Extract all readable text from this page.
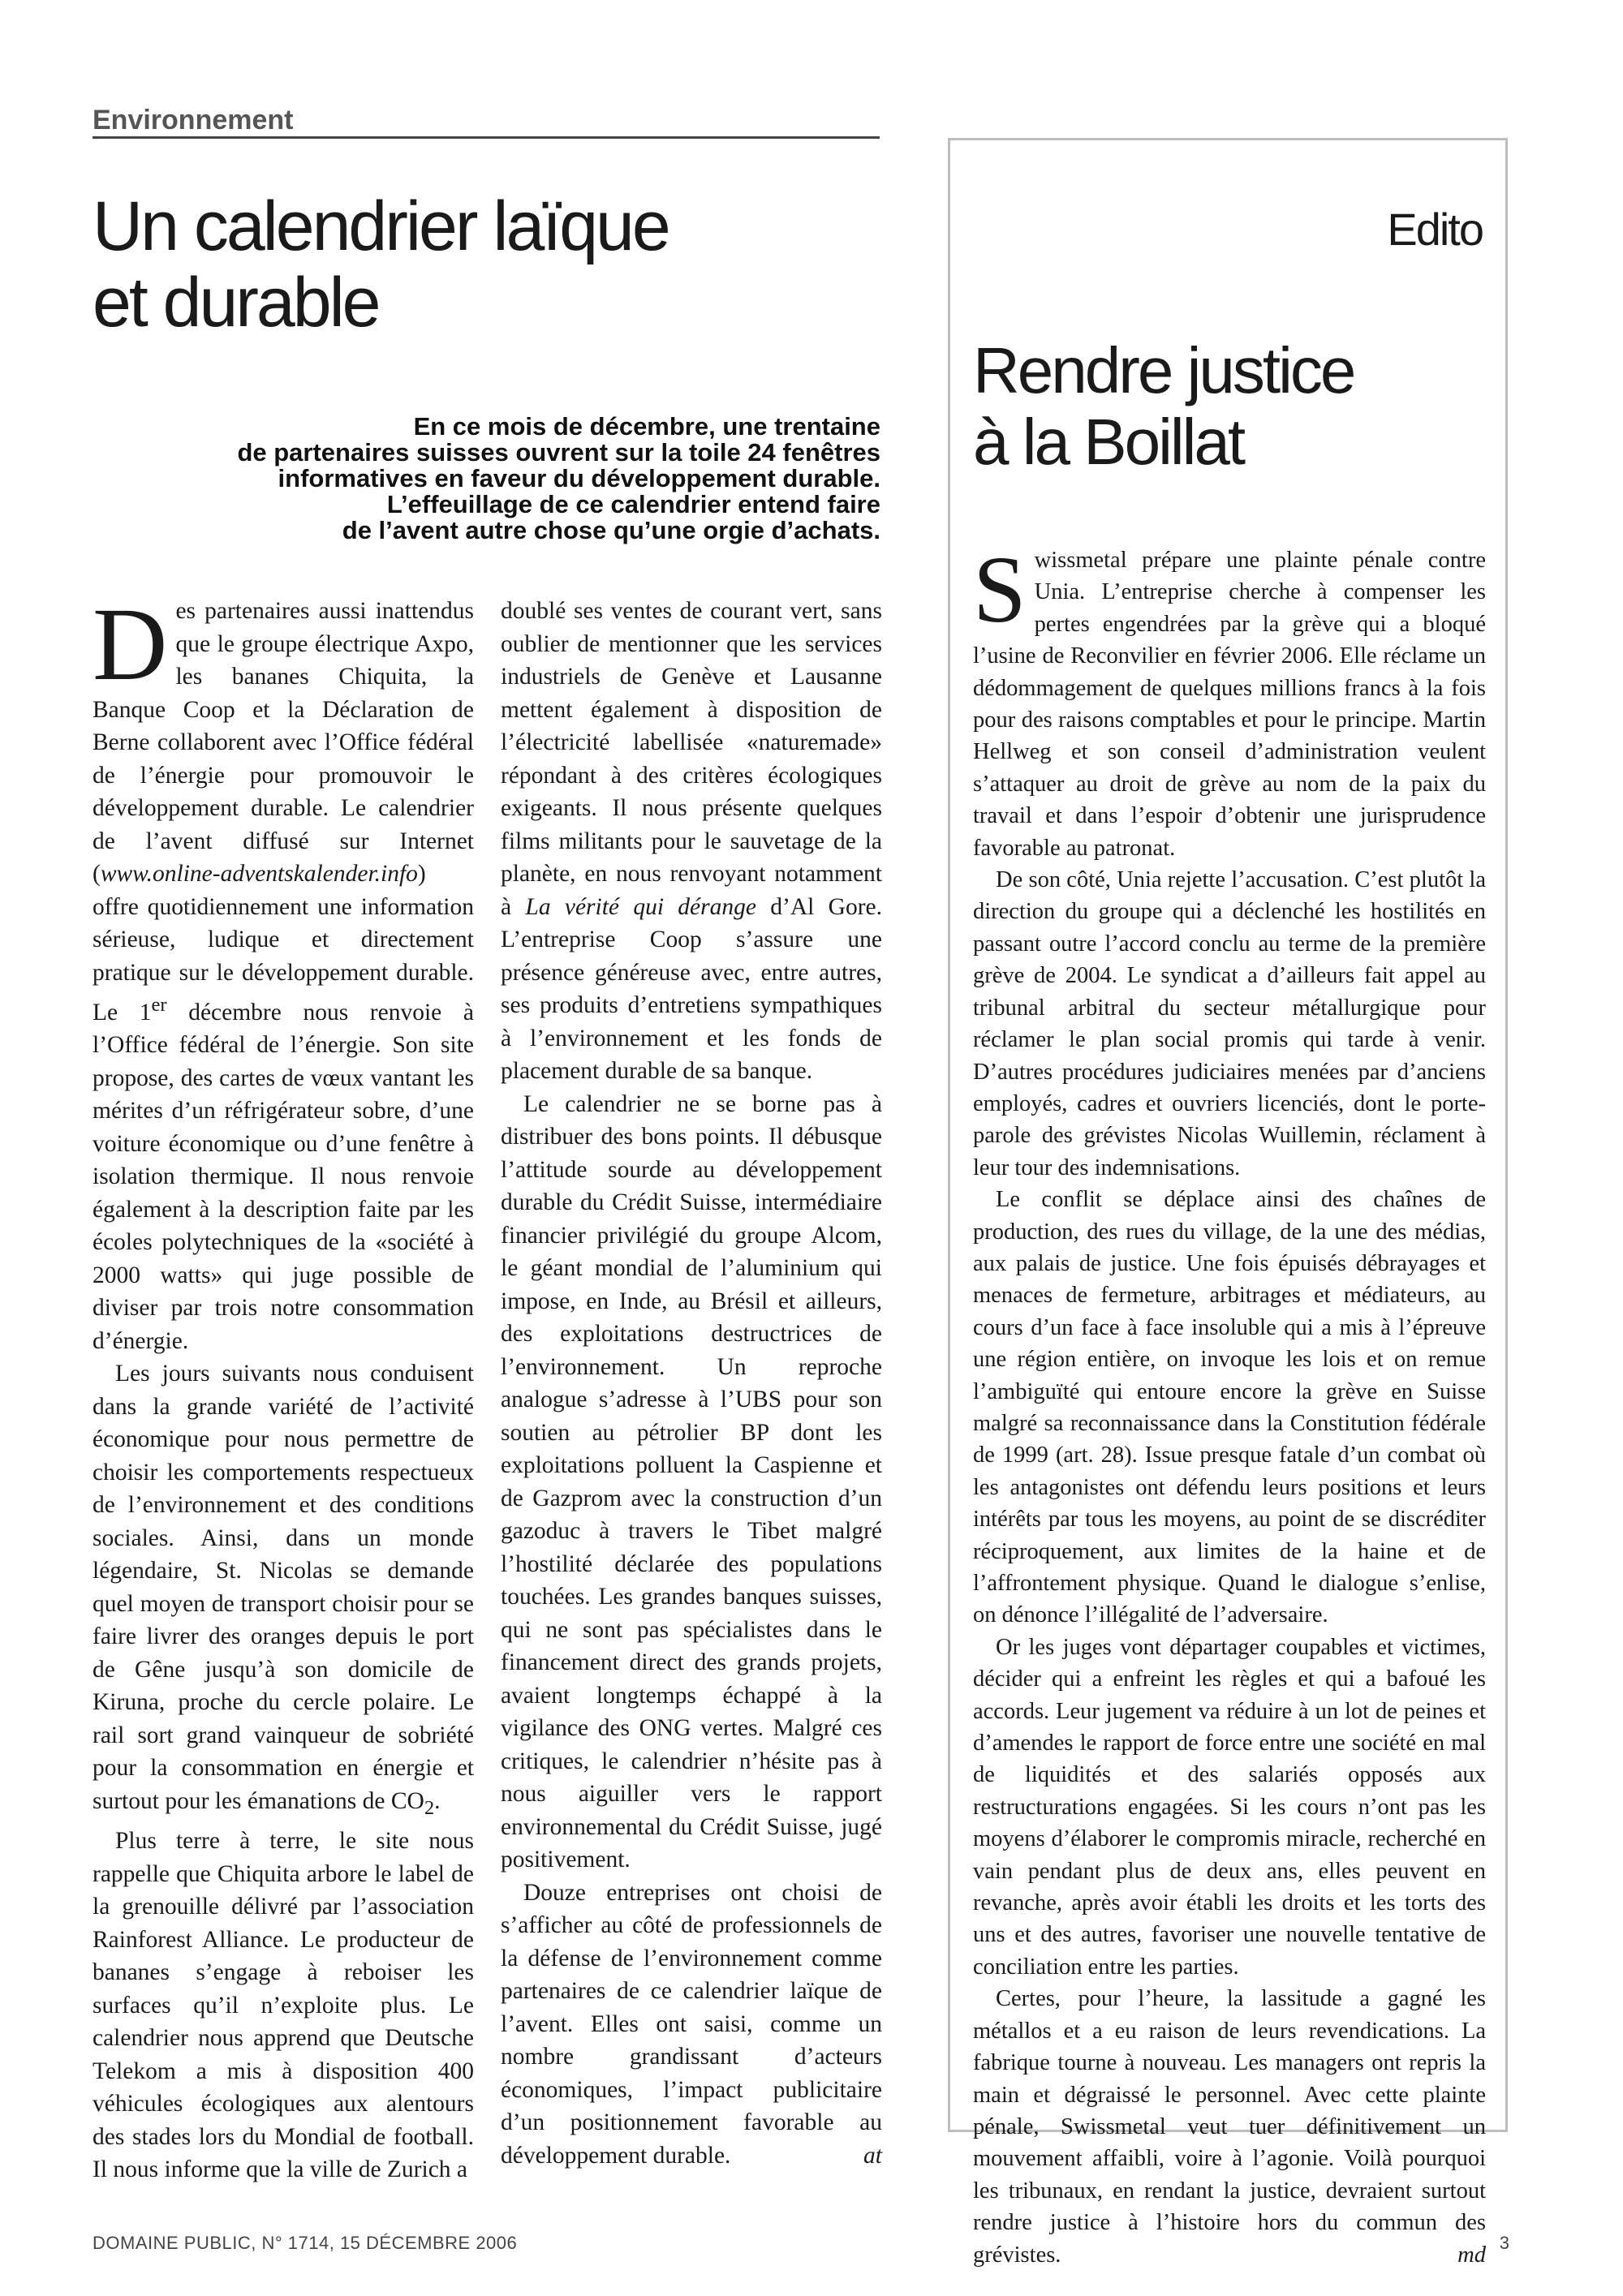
Environnement
Un calendrier laïque
et durable
En ce mois de décembre, une trentaine
de partenaires suisses ouvrent sur la toile 24 fenêtres
informatives en faveur du développement durable.
L’effeuillage de ce calendrier entend faire
de l’avent autre chose qu’une orgie d’achats.

Des partenaires aussi inattendus que le groupe électrique Axpo, les bananes Chiquita, la Banque Coop et la Déclaration de Berne collaborent avec l’Office fédéral de l’énergie pour promouvoir le développement durable. Le calendrier de l’avent diffusé sur Internet (www.online-adventskalender.info) offre quotidiennement une information sérieuse, ludique et directement pratique sur le développement durable. Le 1er décembre nous renvoie à l’Office fédéral de l’énergie. Son site propose, des cartes de vœux vantant les mérites d’un réfrigérateur sobre, d’une voiture économique ou d’une fenêtre à isolation thermique. Il nous renvoie également à la description faite par les écoles polytechniques de la «société à 2000 watts» qui juge possible de diviser par trois notre consommation d’énergie.

Les jours suivants nous conduisent dans la grande variété de l’activité économique pour nous permettre de choisir les comportements respectueux de l’environnement et des conditions sociales. Ainsi, dans un monde légendaire, St. Nicolas se demande quel moyen de transport choisir pour se faire livrer des oranges depuis le port de Gêne jusqu’à son domicile de Kiruna, proche du cercle polaire. Le rail sort grand vainqueur de sobriété pour la consommation en énergie et surtout pour les émanations de $CO_2$.

Plus terre à terre, le site nous rappelle que Chiquita arbore le label de la grenouille délivré par l’association Rainforest Alliance. Le producteur de bananes s’engage à reboiser les surfaces qu’il n’exploite plus. Le calendrier nous apprend que Deutsche Telekom a mis à disposition 400 véhicules écologiques aux alentours des stades lors du Mondial de football. Il nous informe que la ville de Zurich a

doublé ses ventes de courant vert, sans oublier de mentionner que les services industriels de Genève et Lausanne mettent également à disposition de l’électricité labellisée «naturemade» répondant à des critères écologiques exigeants. Il nous présente quelques films militants pour le sauvetage de la planète, en nous renvoyant notamment à La vérité qui dérange d’Al Gore. L’entreprise Coop s’assure une présence généreuse avec, entre autres, ses produits d’entretiens sympathiques à l’environnement et les fonds de placement durable de sa banque.

Le calendrier ne se borne pas à distribuer des bons points. Il débusque l’attitude sourde au développement durable du Crédit Suisse, intermédiaire financier privilégié du groupe Alcom, le géant mondial de l’aluminium qui impose, en Inde, au Brésil et ailleurs, des exploitations destructrices de l’environnement. Un reproche analogue s’adresse à l’UBS pour son soutien au pétrolier BP dont les exploitations polluent la Caspienne et de Gazprom avec la construction d’un gazoduc à travers le Tibet malgré l’hostilité déclarée des populations touchées. Les grandes banques suisses, qui ne sont pas spécialistes dans le financement direct des grands projets, avaient longtemps échappé à la vigilance des ONG vertes. Malgré ces critiques, le calendrier n’hésite pas à nous aiguiller vers le rapport environnemental du Crédit Suisse, jugé positivement.

Douze entreprises ont choisi de s’afficher au côté de professionnels de la défense de l’environnement comme partenaires de ce calendrier laïque de l’avent. Elles ont saisi, comme un nombre grandissant d’acteurs économiques, l’impact publicitaire d’un positionnement favorable au développement durable.	at

Edito
Rendre justice
à la Boillat

Swissmetal prépare une plainte pénale contre Unia. L’entreprise cherche à compenser les pertes engendrées par la grève qui a bloqué l’usine de Reconvilier en février 2006. Elle réclame un dédommagement de quelques millions francs à la fois pour des raisons comptables et pour le principe. Martin Hellweg et son conseil d’administration veulent s’attaquer au droit de grève au nom de la paix du travail et dans l’espoir d’obtenir une jurisprudence favorable au patronat.

De son côté, Unia rejette l’accusation. C’est plutôt la direction du groupe qui a déclenché les hostilités en passant outre l’accord conclu au terme de la première grève de 2004. Le syndicat a d’ailleurs fait appel au tribunal arbitral du secteur métallurgique pour réclamer le plan social promis qui tarde à venir. D’autres procédures judiciaires menées par d’anciens employés, cadres et ouvriers licenciés, dont le porte-parole des grévistes Nicolas Wuillemin, réclament à leur tour des indemnisations.

Le conflit se déplace ainsi des chaînes de production, des rues du village, de la une des médias, aux palais de justice. Une fois épuisés débrayages et menaces de fermeture, arbitrages et médiateurs, au cours d’un face à face insoluble qui a mis à l’épreuve une région entière, on invoque les lois et on remue l’ambiguïté qui entoure encore la grève en Suisse malgré sa reconnaissance dans la Constitution fédérale de 1999 (art. 28). Issue presque fatale d’un combat où les antagonistes ont défendu leurs positions et leurs intérêts par tous les moyens, au point de se discréditer réciproquement, aux limites de la haine et de l’affrontement physique. Quand le dialogue s’enlise, on dénonce l’illégalité de l’adversaire.

Or les juges vont départager coupables et victimes, décider qui a enfreint les règles et qui a bafoué les accords. Leur jugement va réduire à un lot de peines et d’amendes le rapport de force entre une société en mal de liquidités et des salariés opposés aux restructurations engagées. Si les cours n’ont pas les moyens d’élaborer le compromis miracle, recherché en vain pendant plus de deux ans, elles peuvent en revanche, après avoir établi les droits et les torts des uns et des autres, favoriser une nouvelle tentative de conciliation entre les parties.

Certes, pour l’heure, la lassitude a gagné les métallos et a eu raison de leurs revendications. La fabrique tourne à nouveau. Les managers ont repris la main et dégraissé le personnel. Avec cette plainte pénale, Swissmetal veut tuer définitivement un mouvement affaibli, voire à l’agonie. Voilà pourquoi les tribunaux, en rendant la justice, devraient surtout rendre justice à l’histoire hors du commun des grévistes.	md

DOMAINE PUBLIC, N° 1714, 15 DÉCEMBRE 2006	3
